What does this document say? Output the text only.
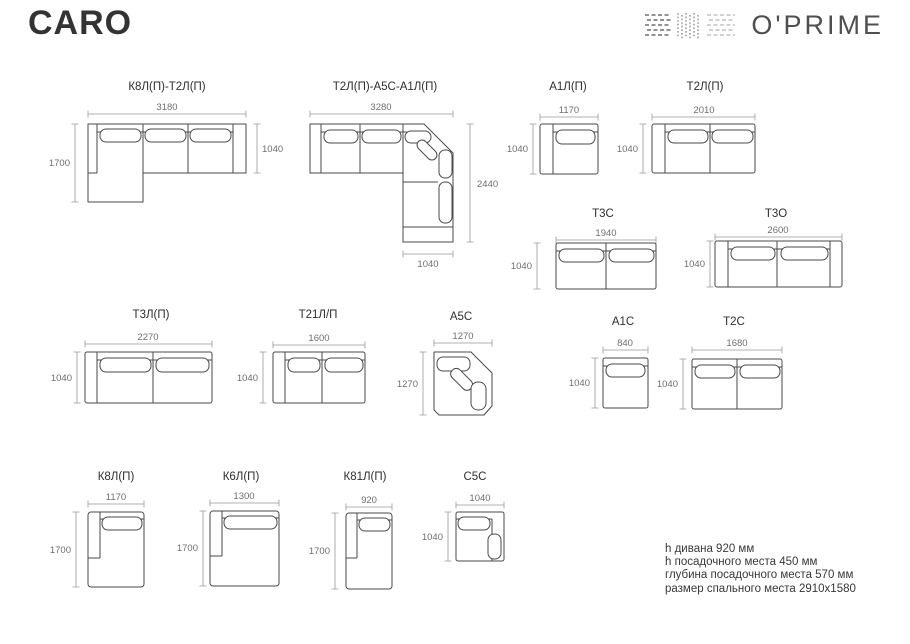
CARO	O'PRIME
К8Л(П)-Т2Л(П)
3180
1700
1040
Т2Л(П)-А5С-А1Л(П)
3280
2440
1040
А1Л(П)
1170
1040
Т2Л(П)
2010
1040
Т3С
1940
1040
Т3О
2600
1040
Т3Л(П)
2270
1040
Т21Л/П
1600
1040
А5С
1270
1270
А1С
840
1040
Т2С
1680
1040
К8Л(П)
1170
1700
К6Л(П)
1300
1700
К81Л(П)
920
1700
С5С
1040
1040
h дивана 920 мм
h посадочного места 450 мм
глубина посадочного места 570 мм
размер спального места 2910x1580
